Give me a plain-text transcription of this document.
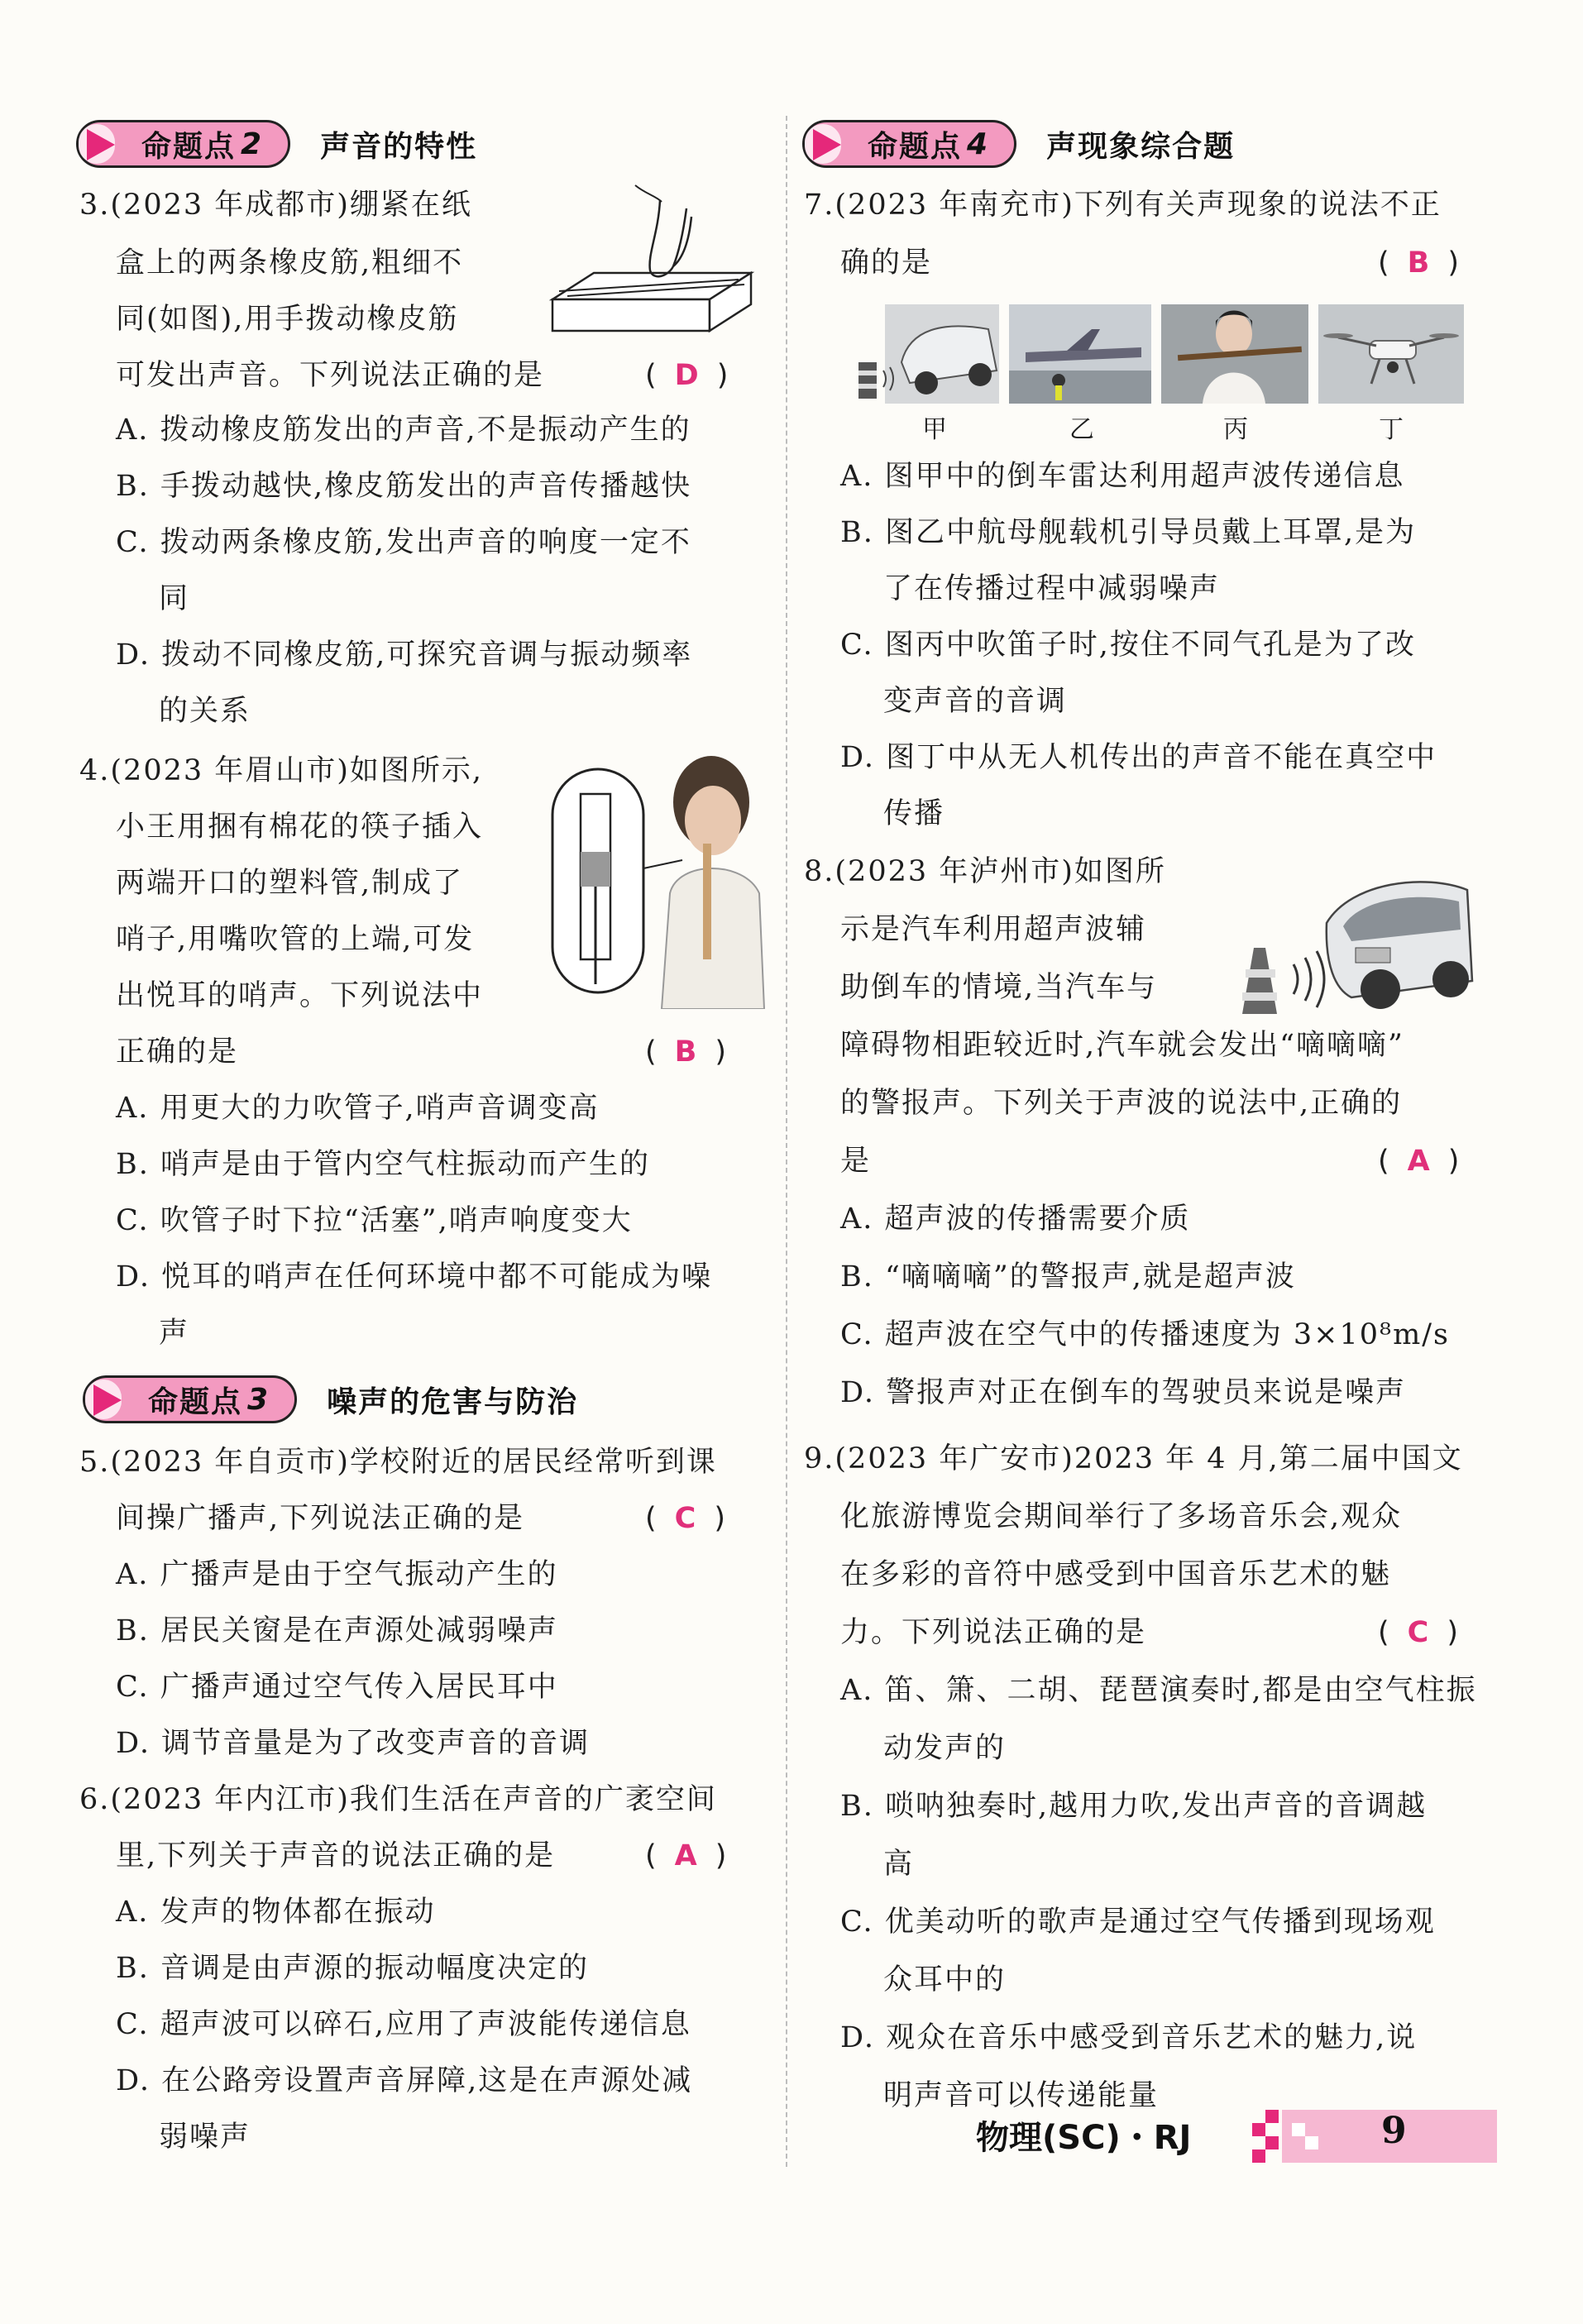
命题点 2 声音的特性
3.(2023 年成都市)绷紧在纸
盒上的两条橡皮筋,粗细不
同(如图),用手拨动橡皮筋
可发出声音。下列说法正确的是	( D )
A. 拨动橡皮筋发出的声音,不是振动产生的
B. 手拨动越快,橡皮筋发出的声音传播越快
C. 拨动两条橡皮筋,发出声音的响度一定不
同
D. 拨动不同橡皮筋,可探究音调与振动频率
的关系
4.(2023 年眉山市)如图所示,
小王用捆有棉花的筷子插入
两端开口的塑料管,制成了
哨子,用嘴吹管的上端,可发
出悦耳的哨声。下列说法中
正确的是	( B )
A. 用更大的力吹管子,哨声音调变高
B. 哨声是由于管内空气柱振动而产生的
C. 吹管子时下拉“活塞”,哨声响度变大
D. 悦耳的哨声在任何环境中都不可能成为噪
声
命题点 3 噪声的危害与防治
5.(2023 年自贡市)学校附近的居民经常听到课
间操广播声,下列说法正确的是	( C )
A. 广播声是由于空气振动产生的
B. 居民关窗是在声源处减弱噪声
C. 广播声通过空气传入居民耳中
D. 调节音量是为了改变声音的音调
6.(2023 年内江市)我们生活在声音的广袤空间
里,下列关于声音的说法正确的是	( A )
A. 发声的物体都在振动
B. 音调是由声源的振动幅度决定的
C. 超声波可以碎石,应用了声波能传递信息
D. 在公路旁设置声音屏障,这是在声源处减
弱噪声
命题点 4 声现象综合题
7.(2023 年南充市)下列有关声现象的说法不正
确的是	( B )
甲	乙	丙	丁
A. 图甲中的倒车雷达利用超声波传递信息
B. 图乙中航母舰载机引导员戴上耳罩,是为
了在传播过程中减弱噪声
C. 图丙中吹笛子时,按住不同气孔是为了改
变声音的音调
D. 图丁中从无人机传出的声音不能在真空中
传播
8.(2023 年泸州市)如图所
示是汽车利用超声波辅
助倒车的情境,当汽车与
障碍物相距较近时,汽车就会发出“嘀嘀嘀”
的警报声。下列关于声波的说法中,正确的
是	( A )
A. 超声波的传播需要介质
B. “嘀嘀嘀”的警报声,就是超声波
C. 超声波在空气中的传播速度为 3×10⁸m/s
D. 警报声对正在倒车的驾驶员来说是噪声
9.(2023 年广安市)2023 年 4 月,第二届中国文
化旅游博览会期间举行了多场音乐会,观众
在多彩的音符中感受到中国音乐艺术的魅
力。下列说法正确的是	( C )
A. 笛、箫、二胡、琵琶演奏时,都是由空气柱振
动发声的
B. 唢呐独奏时,越用力吹,发出声音的音调越
高
C. 优美动听的歌声是通过空气传播到现场观
众耳中的
D. 观众在音乐中感受到音乐艺术的魅力,说
明声音可以传递能量
物理(SC)・RJ	9
